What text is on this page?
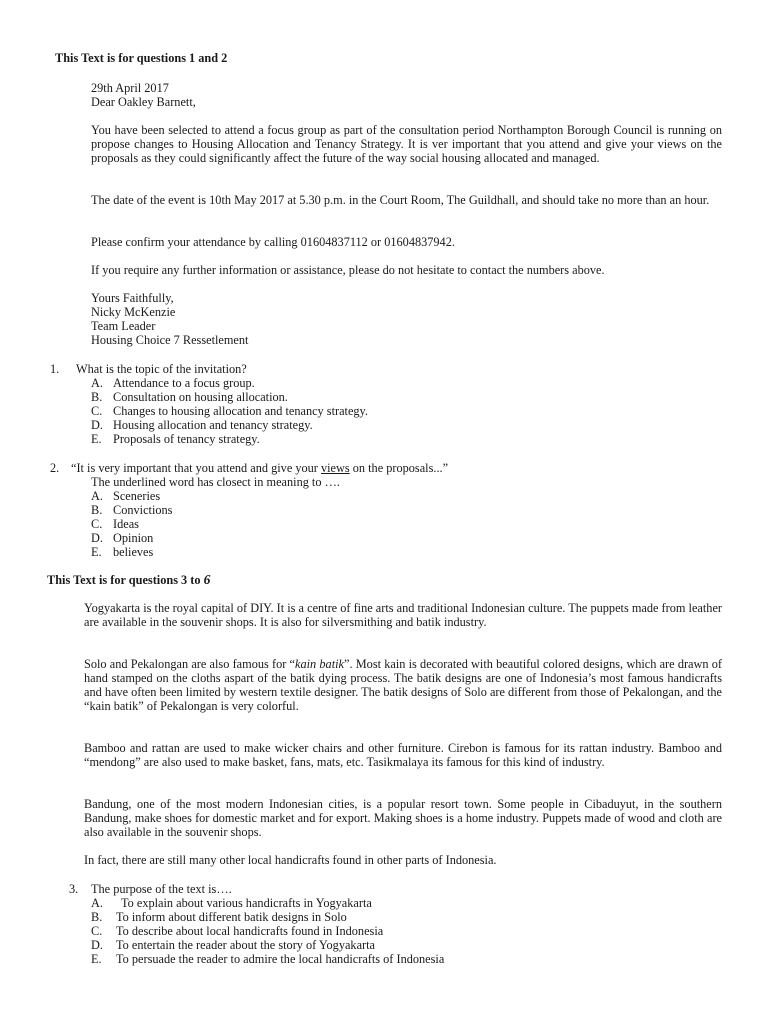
This Text is for questions 1 and 2

29th April 2017

Dear Oakley Barnett,

You have been selected to attend a focus group as part of the consultation period Northampton Borough Council is running on propose changes to Housing Allocation and Tenancy Strategy. It is ver important that you attend and give your views on the proposals as they could significantly affect the future of the way social housing allocated and managed.

The date of the event is 10th May 2017 at 5.30 p.m. in the Court Room, The Guildhall, and should take no more than an hour.

Please confirm your attendance by calling 01604837112 or 01604837942.

If you require any further information or assistance, please do not hesitate to contact the numbers above.

Yours Faithfully,

Nicky McKenzie

Team Leader

Housing Choice 7 Ressetlement

1. What is the topic of the invitation?
A. Attendance to a focus group.
B. Consultation on housing allocation.
C. Changes to housing allocation and tenancy strategy.
D. Housing allocation and tenancy strategy.
E. Proposals of tenancy strategy.
2. “It is very important that you attend and give your views on the proposals...”
The underlined word has closect in meaning to ….
A. Sceneries
B. Convictions
C. Ideas
D. Opinion
E. believes

This Text is for questions 3 to 6

Yogyakarta is the royal capital of DIY. It is a centre of fine arts and traditional Indonesian culture. The puppets made from leather are available in the souvenir shops. It is also for silversmithing and batik industry.

Solo and Pekalongan are also famous for “kain batik”. Most kain is decorated with beautiful colored designs, which are drawn of hand stamped on the cloths aspart of the batik dying process. The batik designs are one of Indonesia’s most famous handicrafts and have often been limited by western textile designer. The batik designs of Solo are different from those of Pekalongan, and the “kain batik” of Pekalongan is very colorful.

Bamboo and rattan are used to make wicker chairs and other furniture. Cirebon is famous for its rattan industry. Bamboo and “mendong” are also used to make basket, fans, mats, etc. Tasikmalaya its famous for this kind of industry.

Bandung, one of the most modern Indonesian cities, is a popular resort town. Some people in Cibaduyut, in the southern Bandung, make shoes for domestic market and for export. Making shoes is a home industry. Puppets made of wood and cloth are also available in the souvenir shops.

In fact, there are still many other local handicrafts found in other parts of Indonesia.

3. The purpose of the text is….
A. To explain about various handicrafts in Yogyakarta
B. To inform about different batik designs in Solo
C. To describe about local handicrafts found in Indonesia
D. To entertain the reader about the story of Yogyakarta
E. To persuade the reader to admire the local handicrafts of Indonesia
